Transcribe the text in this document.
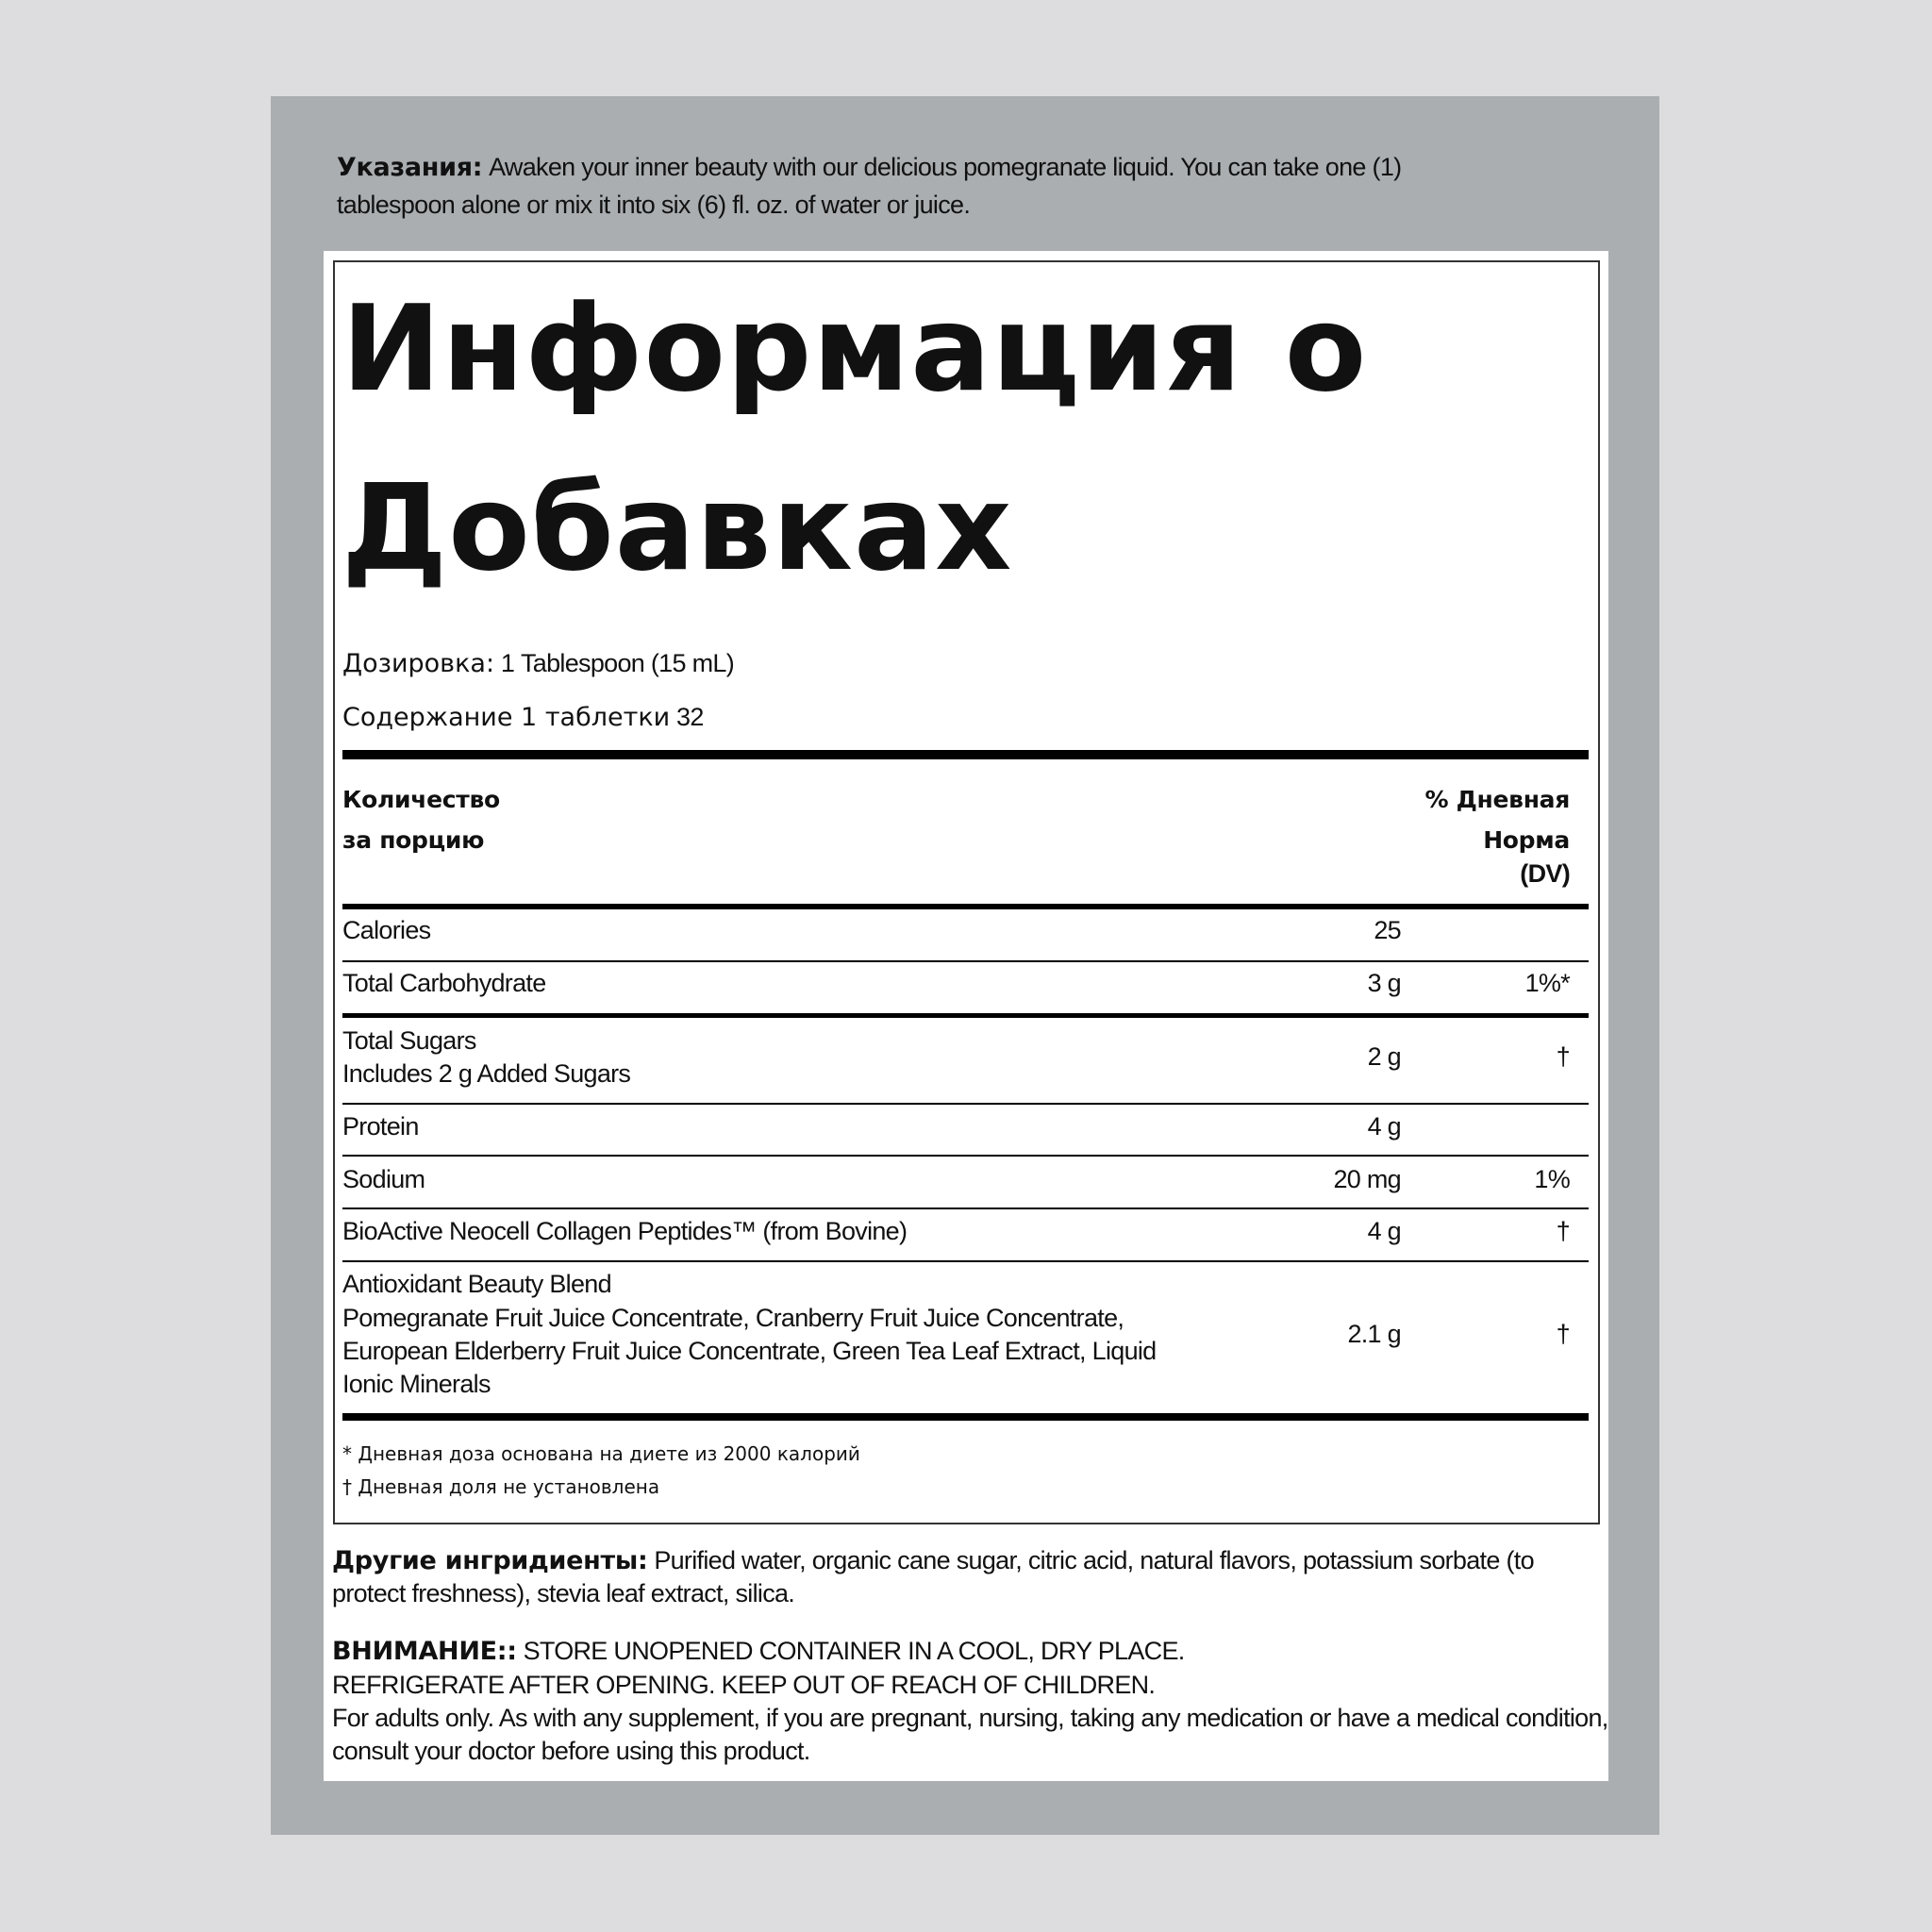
Указания: Awaken your inner beauty with our delicious pomegranate liquid. You can take one (1)
tablespoon alone or mix it into six (6) fl. oz. of water or juice.
Информация о
Добавках
Дозировка: 1 Tablespoon (15 mL)
Содержание 1 таблетки 32
Количество
за порцию
% Дневная
Норма
(DV)
Calories	25
Total Carbohydrate	3 g	1%*
Total Sugars
Includes 2 g Added Sugars
2 g	†
Protein	4 g
Sodium	20 mg	1%
BioActive Neocell Collagen Peptides™ (from Bovine)	4 g	†
Antioxidant Beauty Blend
Pomegranate Fruit Juice Concentrate, Cranberry Fruit Juice Concentrate,
European Elderberry Fruit Juice Concentrate, Green Tea Leaf Extract, Liquid
Ionic Minerals
2.1 g	†
* Дневная доза основана на диете из 2000 калорий
† Дневная доля не установлена
Другие ингридиенты: Purified water, organic cane sugar, citric acid, natural flavors, potassium sorbate (to
protect freshness), stevia leaf extract, silica.
ВНИМАНИЕ:: STORE UNOPENED CONTAINER IN A COOL, DRY PLACE.
REFRIGERATE AFTER OPENING. KEEP OUT OF REACH OF CHILDREN.
For adults only. As with any supplement, if you are pregnant, nursing, taking any medication or have a medical condition,
consult your doctor before using this product.
